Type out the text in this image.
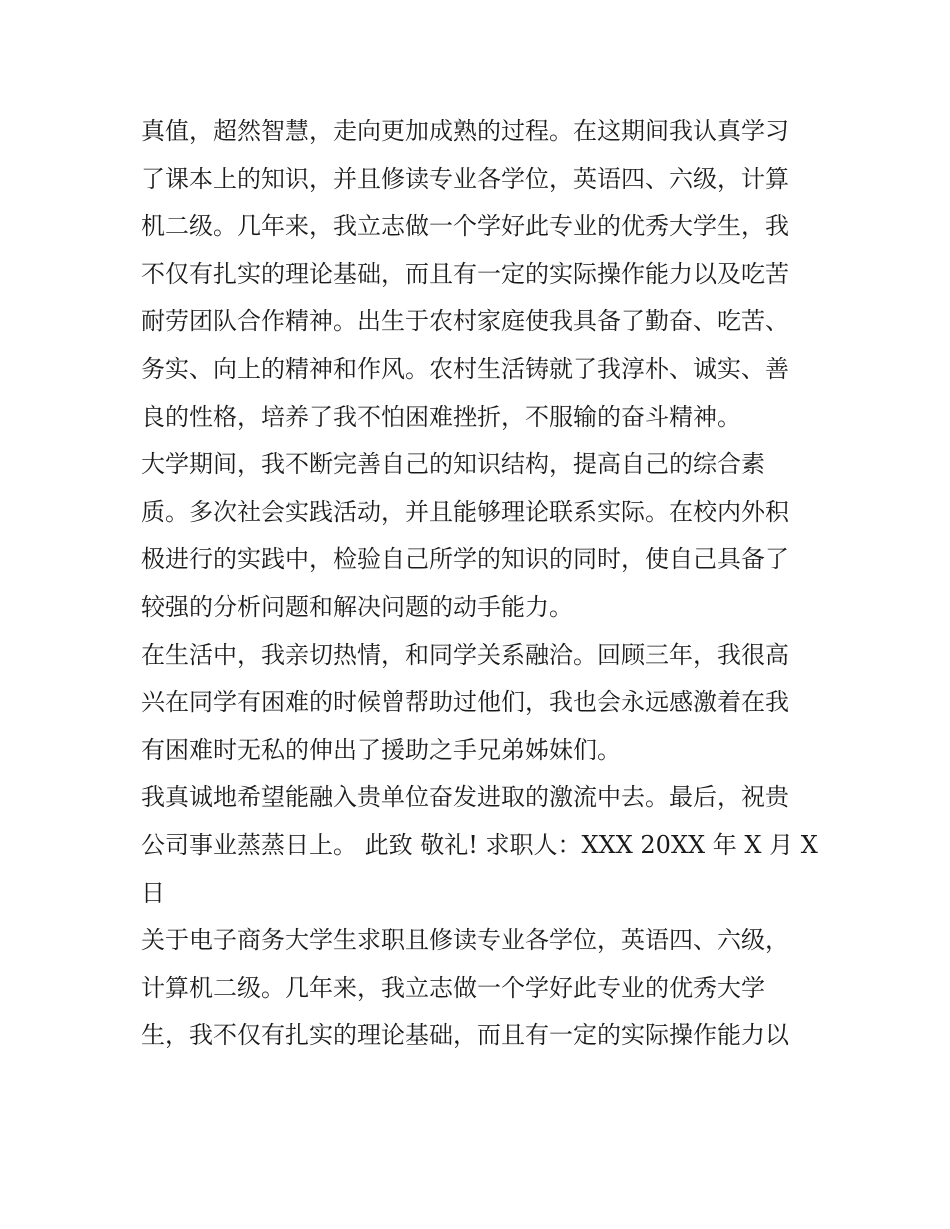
真值，超然智慧，走向更加成熟的过程。在这期间我认真学习
了课本上的知识，并且修读专业各学位，英语四、六级，计算
机二级。几年来，我立志做一个学好此专业的优秀大学生，我
不仅有扎实的理论基础，而且有一定的实际操作能力以及吃苦
耐劳团队合作精神。出生于农村家庭使我具备了勤奋、吃苦、
务实、向上的精神和作风。农村生活铸就了我淳朴、诚实、善
良的性格，培养了我不怕困难挫折，不服输的奋斗精神。
大学期间，我不断完善自己的知识结构，提高自己的综合素
质。多次社会实践活动，并且能够理论联系实际。在校内外积
极进行的实践中，检验自己所学的知识的同时，使自己具备了
较强的分析问题和解决问题的动手能力。
在生活中，我亲切热情，和同学关系融洽。回顾三年，我很高
兴在同学有困难的时候曾帮助过他们，我也会永远感激着在我
有困难时无私的伸出了援助之手兄弟姊妹们。
我真诚地希望能融入贵单位奋发进取的激流中去。最后，祝贵
公司事业蒸蒸日上。 此致 敬礼! 求职人：XXX 20XX 年 X 月 X
日
关于电子商务大学生求职且修读专业各学位，英语四、六级，
计算机二级。几年来，我立志做一个学好此专业的优秀大学
生，我不仅有扎实的理论基础，而且有一定的实际操作能力以
